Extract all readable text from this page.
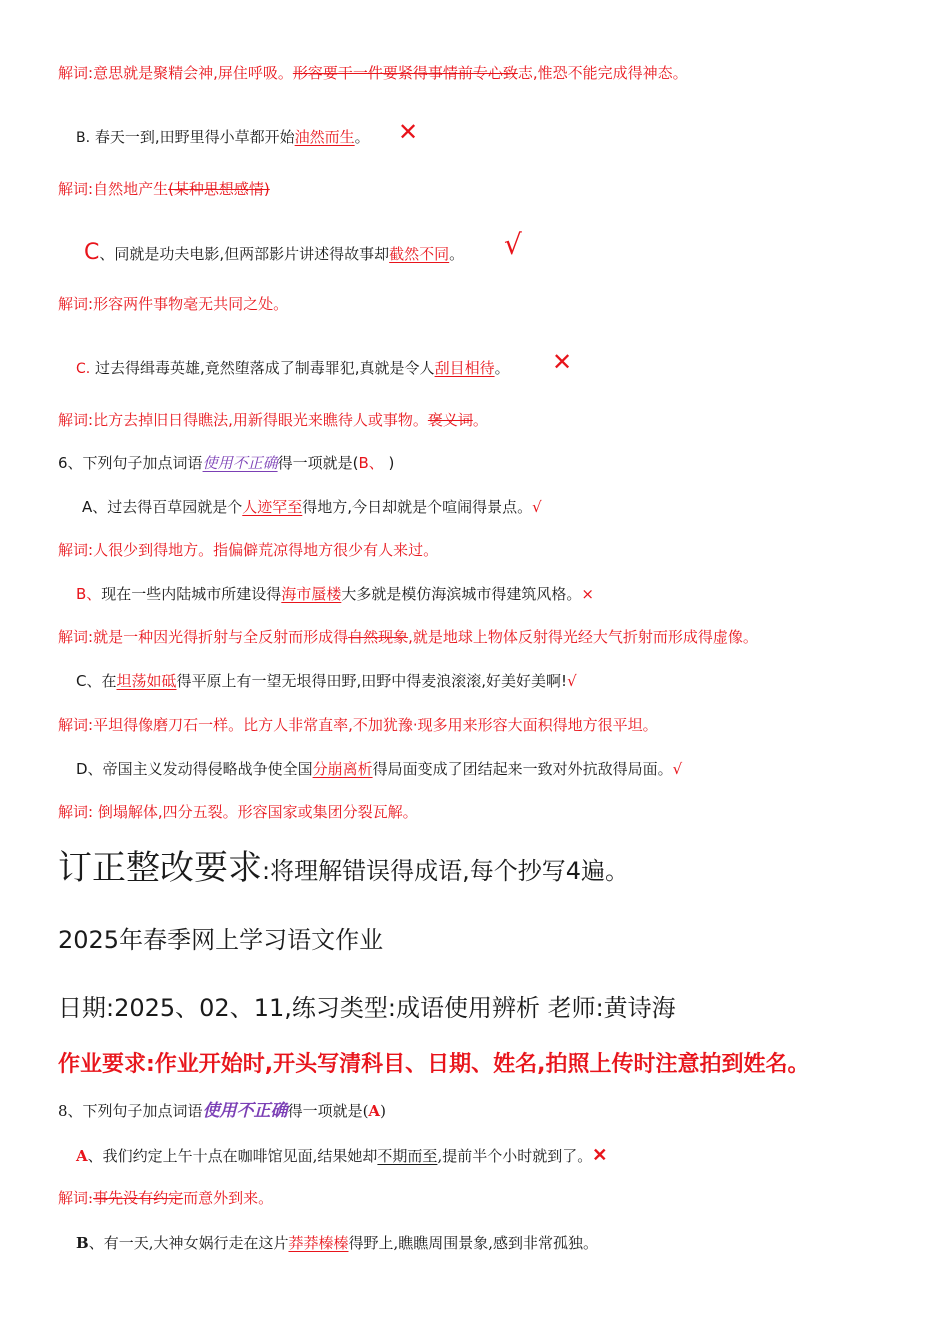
解词:意思就是聚精会神,屏住呼吸。形容要干一件要紧得事情前专心致志,惟恐不能完成得神态。
B. 春天一到,田野里得小草都开始油然而生。 ✕
解词:自然地产生(某种思想感情)
C、同就是功夫电影,但两部影片讲述得故事却截然不同。 √
解词:形容两件事物毫无共同之处。
C. 过去得缉毒英雄,竟然堕落成了制毒罪犯,真就是令人刮目相待。 ✕
解词:比方去掉旧日得瞧法,用新得眼光来瞧待人或事物。褒义词。
6、下列句子加点词语使用不正确得一项就是(B、 )
A、过去得百草园就是个人迹罕至得地方,今日却就是个喧闹得景点。√
解词:人很少到得地方。指偏僻荒凉得地方很少有人来过。
B、现在一些内陆城市所建设得海市蜃楼大多就是模仿海滨城市得建筑风格。×
解词:就是一种因光得折射与全反射而形成得自然现象,就是地球上物体反射得光经大气折射而形成得虚像。
C、在坦荡如砥得平原上有一望无垠得田野,田野中得麦浪滚滚,好美好美啊!√
解词:平坦得像磨刀石一样。比方人非常直率,不加犹豫·现多用来形容大面积得地方很平坦。
D、帝国主义发动得侵略战争使全国分崩离析得局面变成了团结起来一致对外抗敌得局面。√
解词: 倒塌解体,四分五裂。形容国家或集团分裂瓦解。
订正整改要求:将理解错误得成语,每个抄写4遍。
2025年春季网上学习语文作业
日期:2025、02、11,练习类型:成语使用辨析 老师:黄诗海
作业要求:作业开始时,开头写清科目、日期、姓名,拍照上传时注意拍到姓名。
8、下列句子加点词语使用不正确得一项就是(A)
A、我们约定上午十点在咖啡馆见面,结果她却不期而至,提前半个小时就到了。✕
解词:事先没有约定而意外到来。
B、有一天,大神女娲行走在这片莽莽榛榛得野上,瞧瞧周围景象,感到非常孤独。
